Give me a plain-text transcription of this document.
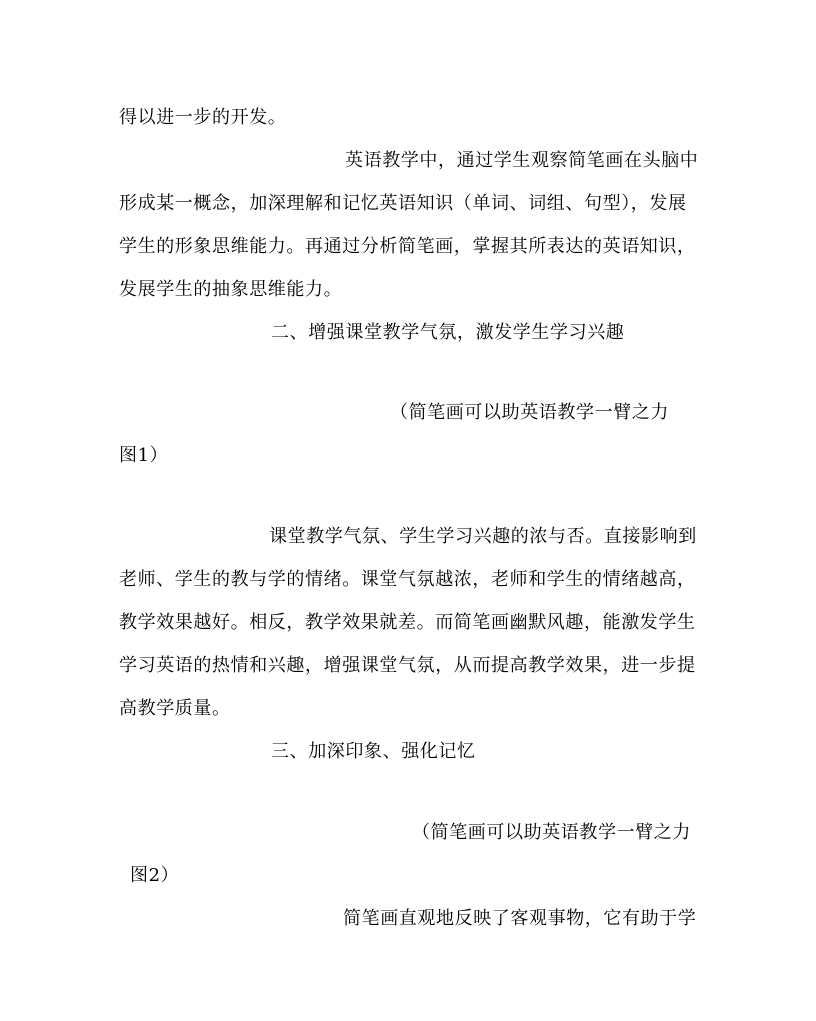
得以进一步的开发。
英语教学中，通过学生观察简笔画在头脑中
形成某一概念，加深理解和记忆英语知识（单词、词组、句型），发展
学生的形象思维能力。再通过分析简笔画，掌握其所表达的英语知识，
发展学生的抽象思维能力。
二、增强课堂教学气氛，激发学生学习兴趣
（简笔画可以助英语教学一臂之力
图1）
课堂教学气氛、学生学习兴趣的浓与否。直接影响到
老师、学生的教与学的情绪。课堂气氛越浓，老师和学生的情绪越高，
教学效果越好。相反，教学效果就差。而简笔画幽默风趣，能激发学生
学习英语的热情和兴趣，增强课堂气氛，从而提高教学效果，进一步提
高教学质量。
三、加深印象、强化记忆
（简笔画可以助英语教学一臂之力
图2）
简笔画直观地反映了客观事物，它有助于学
